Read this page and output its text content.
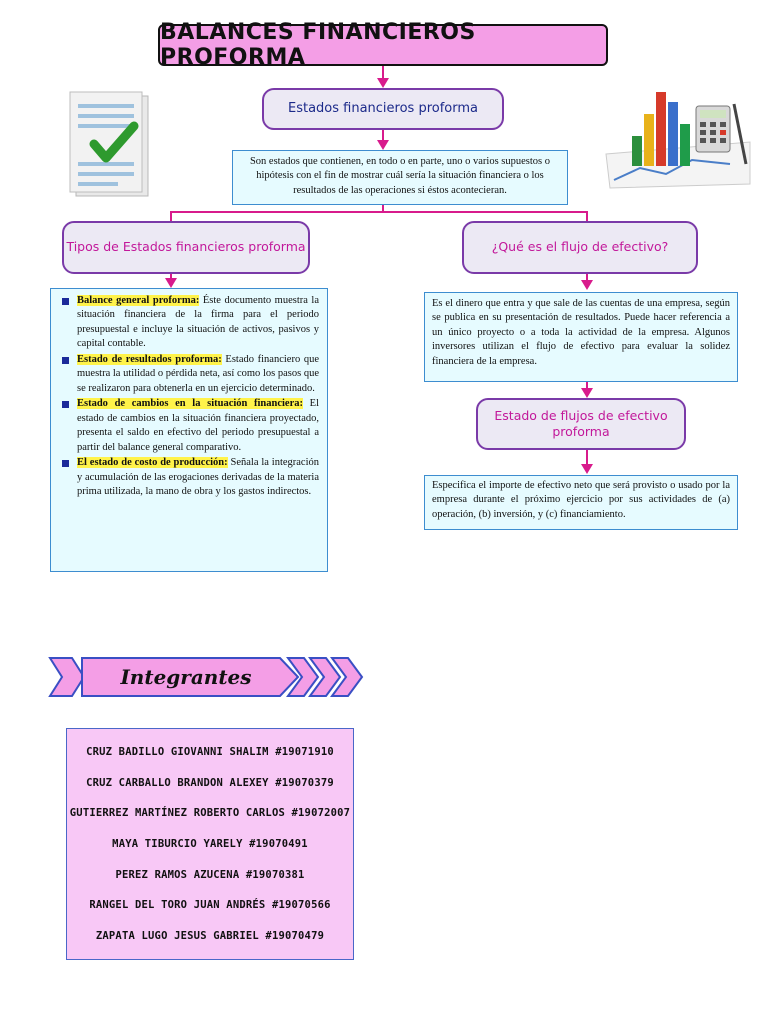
BALANCES FINANCIEROS PROFORMA
Estados financieros proforma
Son estados que contienen, en todo o en parte, uno o varios supuestos o hipótesis con el fin de mostrar cuál sería la situación financiera o los resultados de las operaciones si éstos acontecieran.
Tipos de Estados financieros proforma
Balance general proforma: Éste documento muestra la situación financiera de la firma para el periodo presupuestal e incluye la situación de activos, pasivos y capital contable.
Estado de resultados proforma: Estado financiero que muestra la utilidad o pérdida neta, así como los pasos que se realizaron para obtenerla en un ejercicio determinado.
Estado de cambios en la situación financiera: El estado de cambios en la situación financiera proyectado, presenta el saldo en efectivo del periodo presupuestal a partir del balance general comparativo.
El estado de costo de producción: Señala la integración y acumulación de las erogaciones derivadas de la materia prima utilizada, la mano de obra y los gastos indirectos.
¿Qué es el flujo de efectivo?
Es el dinero que entra y que sale de las cuentas de una empresa, según se publica en su presentación de resultados. Puede hacer referencia a un único proyecto o a toda la actividad de la empresa. Algunos inversores utilizan el flujo de efectivo para evaluar la solidez financiera de la empresa.
Estado de flujos de efectivo proforma
Especifica el importe de efectivo neto que será provisto o usado por la empresa durante el próximo ejercicio por sus actividades de (a) operación, (b) inversión, y (c) financiamiento.
Integrantes
CRUZ BADILLO GIOVANNI SHALIM #19071910
CRUZ CARBALLO BRANDON ALEXEY #19070379
GUTIERREZ MARTÍNEZ ROBERTO CARLOS #19072007
MAYA TIBURCIO YARELY #19070491
PEREZ RAMOS AZUCENA #19070381
RANGEL DEL TORO JUAN ANDRÉS #19070566
ZAPATA LUGO JESUS GABRIEL #19070479
